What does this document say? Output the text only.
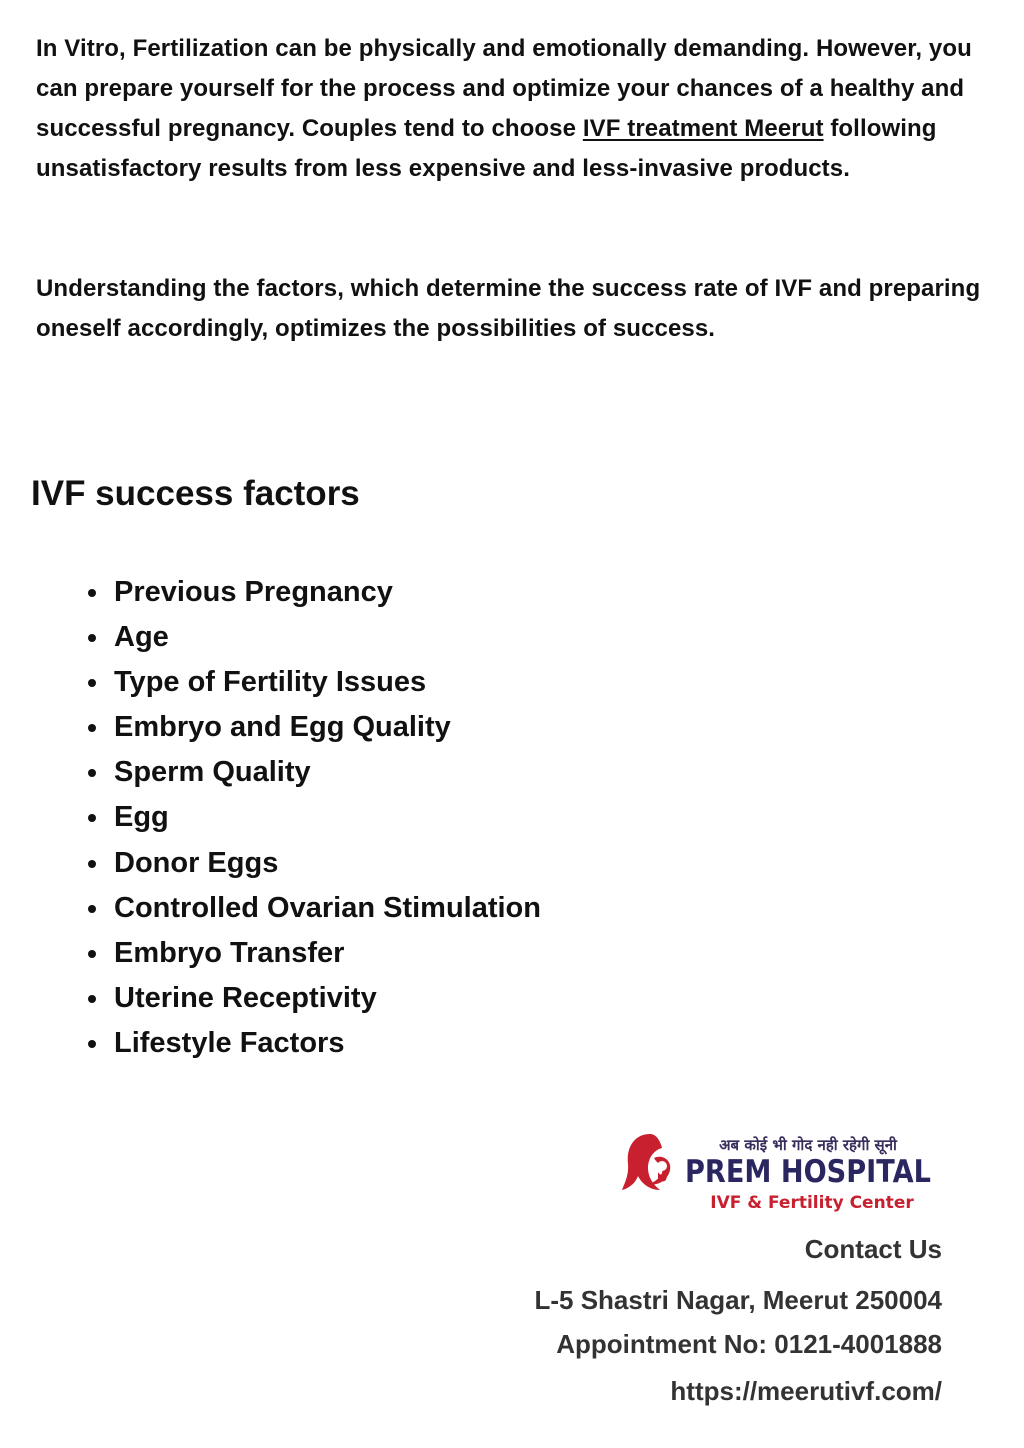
In Vitro, Fertilization can be physically and emotionally demanding. However, you can prepare yourself for the process and optimize your chances of a healthy and successful pregnancy. Couples tend to choose IVF treatment Meerut following unsatisfactory results from less expensive and less-invasive products.

Understanding the factors, which determine the success rate of IVF and preparing oneself accordingly, optimizes the possibilities of success.

IVF success factors
Previous Pregnancy
Age
Type of Fertility Issues
Embryo and Egg Quality
Sperm Quality
Egg
Donor Eggs
Controlled Ovarian Stimulation
Embryo Transfer
Uterine Receptivity
Lifestyle Factors
अब कोई भी गोद नही रहेगी सूनी
PREM HOSPITAL
IVF & Fertility Center

Contact Us

L-5 Shastri Nagar, Meerut 250004

Appointment No: 0121-4001888

https://meerutivf.com/
